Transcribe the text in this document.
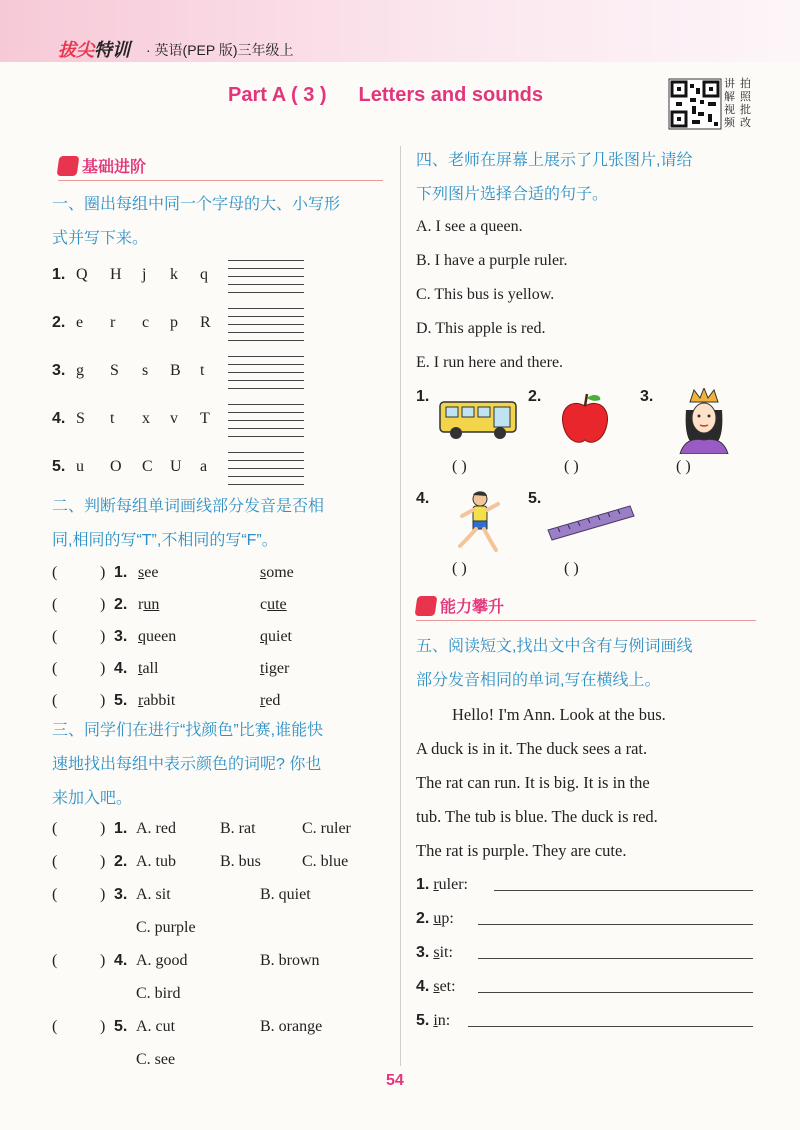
拔尖特训 · 英语(PEP 版)三年级上
Part A ( 3 ) Letters and sounds	讲 拍
解 照
视 批
频 改
基础进阶
一、圈出每组中同一个字母的大、小写形
式并写下来。
1. Q H j k q
2. e r c p R
3. g S s B t
4. S t x v T
5. u O C U a
二、判断每组单词画线部分发音是否相
同,相同的写“T”,不相同的写“F”。
(	) 1. see	some
(	) 2. run	cute
(	) 3. queen	quiet
(	) 4. tall	tiger
(	) 5. rabbit	red
三、同学们在进行“找颜色”比赛,谁能快
速地找出每组中表示颜色的词呢? 你也
来加入吧。
(	) 1. A. red	B. rat	C. ruler
(	) 2. A. tub	B. bus	C. blue
(	) 3. A. sit	B. quiet
C. purple
(	) 4. A. good	B. brown
C. bird
(	) 5. A. cut	B. orange
C. see
四、老师在屏幕上展示了几张图片,请给
下列图片选择合适的句子。
A. I see a queen.
B. I have a purple ruler.
C. This bus is yellow.
D. This apple is red.
E. I run here and there.
1.	2.	3.
( )	( )	( )
4.	5.
( )	( )
能力攀升
五、阅读短文,找出文中含有与例词画线
部分发音相同的单词,写在横线上。
Hello! I'm Ann. Look at the bus.
A duck is in it. The duck sees a rat.
The rat can run. It is big. It is in the
tub. The tub is blue. The duck is red.
The rat is purple. They are cute.
1. ruler:
2. up:
3. sit:
4. set:
5. in:
54
